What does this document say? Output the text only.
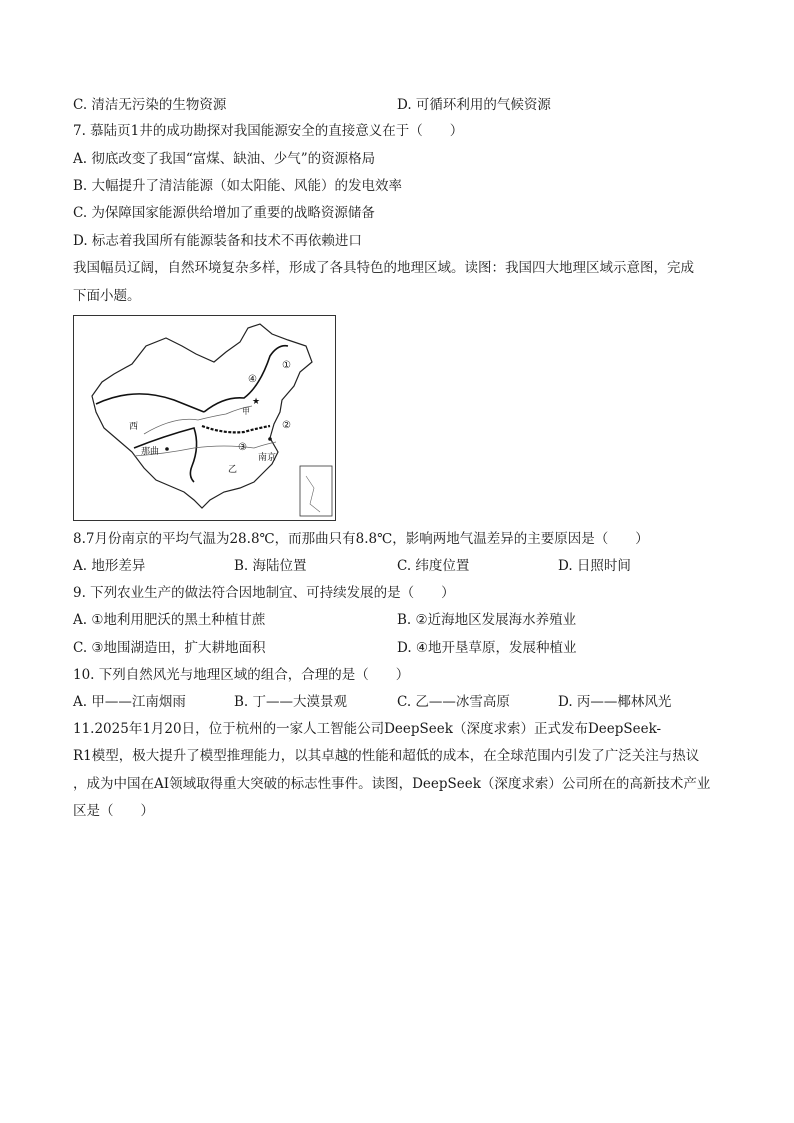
C. 清洁无污染的生物资源	D. 可循环利用的气候资源
7. 慕陆页1井的成功勘探对我国能源安全的直接意义在于（　　）
A. 彻底改变了我国“富煤、缺油、少气”的资源格局
B. 大幅提升了清洁能源（如太阳能、风能）的发电效率
C. 为保障国家能源供给增加了重要的战略资源储备
D. 标志着我国所有能源装备和技术不再依赖进口
我国幅员辽阔，自然环境复杂多样，形成了各具特色的地理区域。读图：我国四大地理区域示意图，完成
下面小题。
★
西
那曲
甲
乙
南京
①
②
③
④
8.7月份南京的平均气温为28.8℃，而那曲只有8.8℃，影响两地气温差异的主要原因是（　　）
A. 地形差异	B. 海陆位置	C. 纬度位置	D. 日照时间
9. 下列农业生产的做法符合因地制宜、可持续发展的是（　　）
A. ①地利用肥沃的黑土种植甘蔗	B. ②近海地区发展海水养殖业
C. ③地围湖造田，扩大耕地面积	D. ④地开垦草原，发展种植业
10. 下列自然风光与地理区域的组合，合理的是（　　）
A. 甲——江南烟雨	B. 丁——大漠景观	C. 乙——冰雪高原	D. 丙——椰林风光
11.2025年1月20日，位于杭州的一家人工智能公司DeepSeek（深度求索）正式发布DeepSeek-
R1模型，极大提升了模型推理能力，以其卓越的性能和超低的成本，在全球范围内引发了广泛关注与热议
，成为中国在AI领域取得重大突破的标志性事件。读图，DeepSeek（深度求索）公司所在的高新技术产业
区是（　　）
